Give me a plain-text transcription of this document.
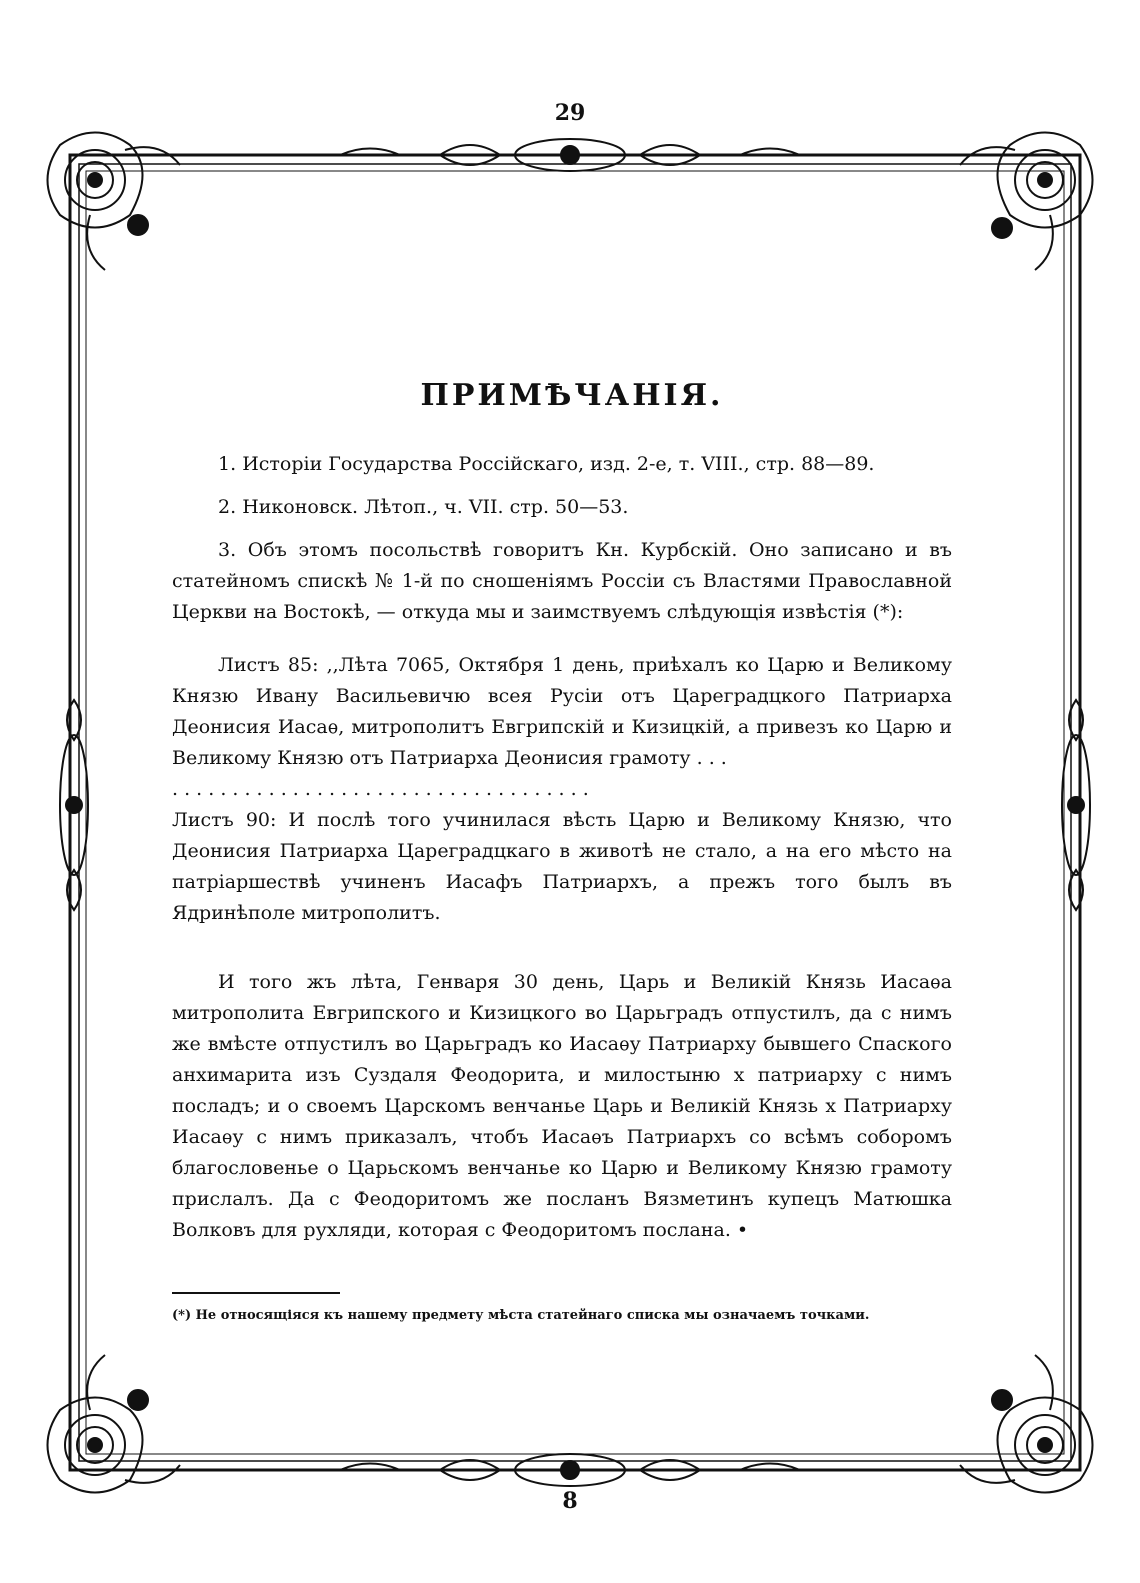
29
ПРИМѢЧАНІЯ.

1. Исторіи Государства Россійскаго, изд. 2-е, т. VIII., стр. 88—89.

2. Никоновск. Лѣтоп., ч. VII. стр. 50—53.

3. Объ этомъ посольствѣ говоритъ Кн. Курбскій. Оно записано и въ статейномъ спискѣ № 1-й по сношеніямъ Россіи съ Властями Православной Церкви на Востокѣ, — откуда мы и заимствуемъ слѣдующія извѣстія (*):

Листъ 85: ,,Лѣта 7065, Октября 1 день, приѣхалъ ко Царю и Великому Князю Ивану Васильевичю всея Русіи отъ Цареградцкого Патриарха Деонисия Иасаѳ, митрополитъ Евгрипскій и Кизицкій, а привезъ ко Царю и Великому Князю отъ Патриарха Деонисия грамоту . . .

. . . . . . . . . . . . . . . . . . . . . . . . . . . . . . . . . . .

Листъ 90: И послѣ того учинилася вѣсть Царю и Великому Князю, что Деонисия Патриарха Цареградцкаго в животѣ не стало, а на его мѣсто на патріаршествѣ учиненъ Иасафъ Патриархъ, а прежъ того былъ въ Ядринѣполе митрополитъ.

И того жъ лѣта, Генваря 30 день, Царь и Великій Князь Иасаѳа митрополита Евгрипского и Кизицкого во Царьградъ отпустилъ, да с нимъ же вмѣсте отпустилъ во Царьградъ ко Иасаѳу Патриарху бывшего Спаского анхимарита изъ Суздаля Феодорита, и милостыню х патриарху с нимъ посладъ; и о своемъ Царскомъ венчанье Царь и Великій Князь х Патриарху Иасаѳу с нимъ приказалъ, чтобъ Иасаѳъ Патриархъ со всѣмъ соборомъ благословенье о Царьскомъ венчанье ко Царю и Великому Князю грамоту прислалъ. Да с Феодоритомъ же посланъ Вязметинъ купецъ Матюшка Волковъ для рухляди, которая с Феодоритомъ послана. •

(*) Не относящіяся къ нашему предмету мѣста статейнаго списка мы означаемъ точками.

8
